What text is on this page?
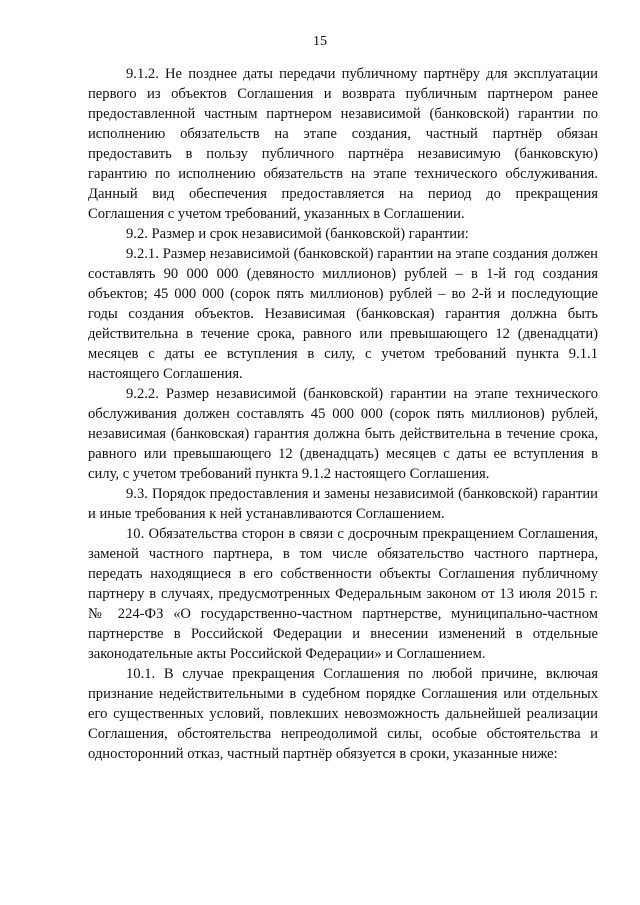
15

9.1.2. Не позднее даты передачи публичному партнёру для эксплуатации первого из объектов Соглашения и возврата публичным партнером ранее предоставленной частным партнером независимой (банковской) гарантии по исполнению обязательств на этапе создания, частный партнёр обязан предоставить в пользу публичного партнёра независимую (банковскую) гарантию по исполнению обязательств на этапе технического обслуживания. Данный вид обеспечения предоставляется на период до прекращения Соглашения с учетом требований, указанных в Соглашении.

9.2. Размер и срок независимой (банковской) гарантии:

9.2.1. Размер независимой (банковской) гарантии на этапе создания должен составлять 90 000 000 (девяносто миллионов) рублей – в 1-й год создания объектов; 45 000 000 (сорок пять миллионов) рублей – во 2-й и последующие годы создания объектов. Независимая (банковская) гарантия должна быть действительна в течение срока, равного или превышающего 12 (двенадцати) месяцев с даты ее вступления в силу, с учетом требований пункта 9.1.1 настоящего Соглашения.

9.2.2. Размер независимой (банковской) гарантии на этапе технического обслуживания должен составлять 45 000 000 (сорок пять миллионов) рублей, независимая (банковская) гарантия должна быть действительна в течение срока, равного или превышающего 12 (двенадцать) месяцев с даты ее вступления в силу, с учетом требований пункта 9.1.2 настоящего Соглашения.

9.3. Порядок предоставления и замены независимой (банковской) гарантии и иные требования к ней устанавливаются Соглашением.

10. Обязательства сторон в связи с досрочным прекращением Соглашения, заменой частного партнера, в том числе обязательство частного партнера, передать находящиеся в его собственности объекты Соглашения публичному партнеру в случаях, предусмотренных Федеральным законом от 13 июля 2015 г. № 224-ФЗ «О государственно-частном партнерстве, муниципально-частном партнерстве в Российской Федерации и внесении изменений в отдельные законодательные акты Российской Федерации» и Соглашением.

10.1. В случае прекращения Соглашения по любой причине, включая признание недействительными в судебном порядке Соглашения или отдельных его существенных условий, повлекших невозможность дальнейшей реализации Соглашения, обстоятельства непреодолимой силы, особые обстоятельства и односторонний отказ, частный партнёр обязуется в сроки, указанные ниже:
